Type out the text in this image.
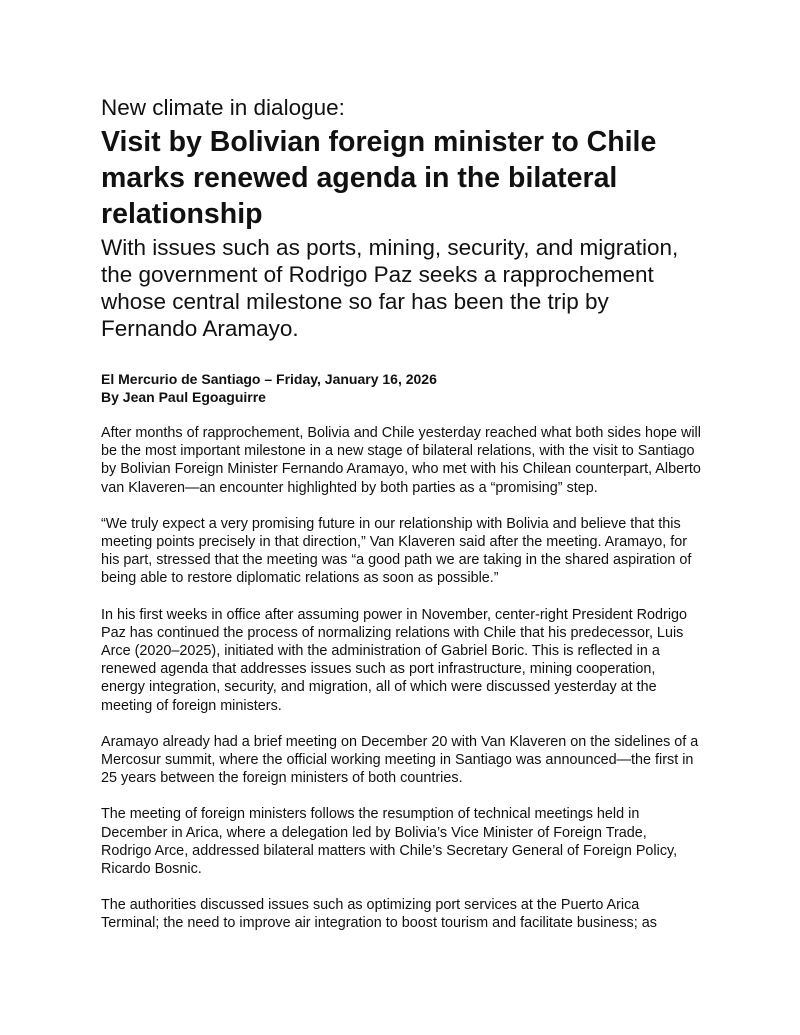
New climate in dialogue:
Visit by Bolivian foreign minister to Chile marks renewed agenda in the bilateral relationship

With issues such as ports, mining, security, and migration, the government of Rodrigo Paz seeks a rapprochement whose central milestone so far has been the trip by Fernando Aramayo.

El Mercurio de Santiago – Friday, January 16, 2026
By Jean Paul Egoaguirre

After months of rapprochement, Bolivia and Chile yesterday reached what both sides hope will be the most important milestone in a new stage of bilateral relations, with the visit to Santiago by Bolivian Foreign Minister Fernando Aramayo, who met with his Chilean counterpart, Alberto van Klaveren—an encounter highlighted by both parties as a “promising” step.

“We truly expect a very promising future in our relationship with Bolivia and believe that this meeting points precisely in that direction,” Van Klaveren said after the meeting. Aramayo, for his part, stressed that the meeting was “a good path we are taking in the shared aspiration of being able to restore diplomatic relations as soon as possible.”

In his first weeks in office after assuming power in November, center-right President Rodrigo Paz has continued the process of normalizing relations with Chile that his predecessor, Luis Arce (2020–2025), initiated with the administration of Gabriel Boric. This is reflected in a renewed agenda that addresses issues such as port infrastructure, mining cooperation, energy integration, security, and migration, all of which were discussed yesterday at the meeting of foreign ministers.

Aramayo already had a brief meeting on December 20 with Van Klaveren on the sidelines of a Mercosur summit, where the official working meeting in Santiago was announced—the first in 25 years between the foreign ministers of both countries.

The meeting of foreign ministers follows the resumption of technical meetings held in December in Arica, where a delegation led by Bolivia’s Vice Minister of Foreign Trade, Rodrigo Arce, addressed bilateral matters with Chile’s Secretary General of Foreign Policy, Ricardo Bosnic.

The authorities discussed issues such as optimizing port services at the Puerto Arica Terminal; the need to improve air integration to boost tourism and facilitate business; as
